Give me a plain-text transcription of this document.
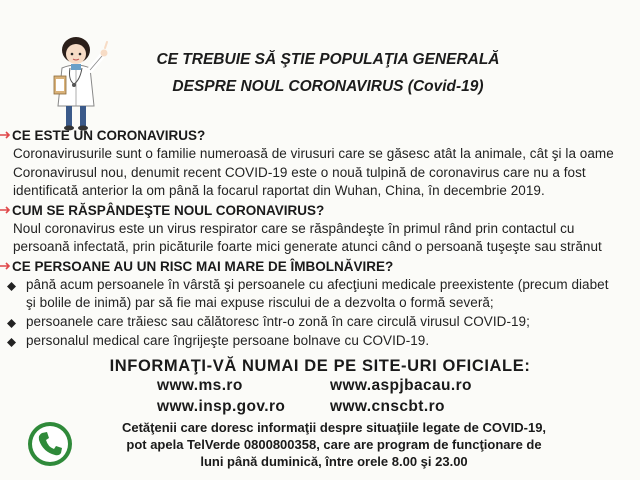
CE TREBUIE SĂ ŞTIE POPULAŢIA GENERALĂ
DESPRE NOUL CORONAVIRUS (Covid-19)
CE ESTE UN CORONAVIRUS?
Coronavirusurile sunt o familie numeroasă de virusuri care se găsesc atât la animale, cât şi la oame
Coronavirusul nou, denumit recent COVID-19 este o nouă tulpină de coronavirus care nu a fost
identificată anterior la om până la focarul raportat din Wuhan, China, în decembrie 2019.
CUM SE RĂSPÂNDEŞTE NOUL CORONAVIRUS?
Noul coronavirus este un virus respirator care se răspândeşte în primul rând prin contactul cu
persoană infectată, prin picăturile foarte mici generate atunci când o persoană tuşeşte sau strănut
CE PERSOANE AU UN RISC MAI MARE DE ÎMBOLNĂVIRE?
până acum persoanele în vârstă şi persoanele cu afecţiuni medicale preexistente (precum diabet
şi bolile de inimă) par să fie mai expuse riscului de a dezvolta o formă severă;
persoanele care trăiesc sau călătoresc într-o zonă în care circulă virusul COVID-19;
personalul medical care îngrijeşte persoane bolnave cu COVID-19.
INFORMAŢI-VĂ NUMAI DE PE SITE-URI OFICIALE:
www.ms.ro	www.aspjbacau.ro
www.insp.gov.ro	www.cnscbt.ro
Cetăţenii care doresc informaţii despre situaţiile legate de COVID-19,
pot apela TelVerde 0800800358, care are program de funcţionare de
luni până duminică, între orele 8.00 şi 23.00
